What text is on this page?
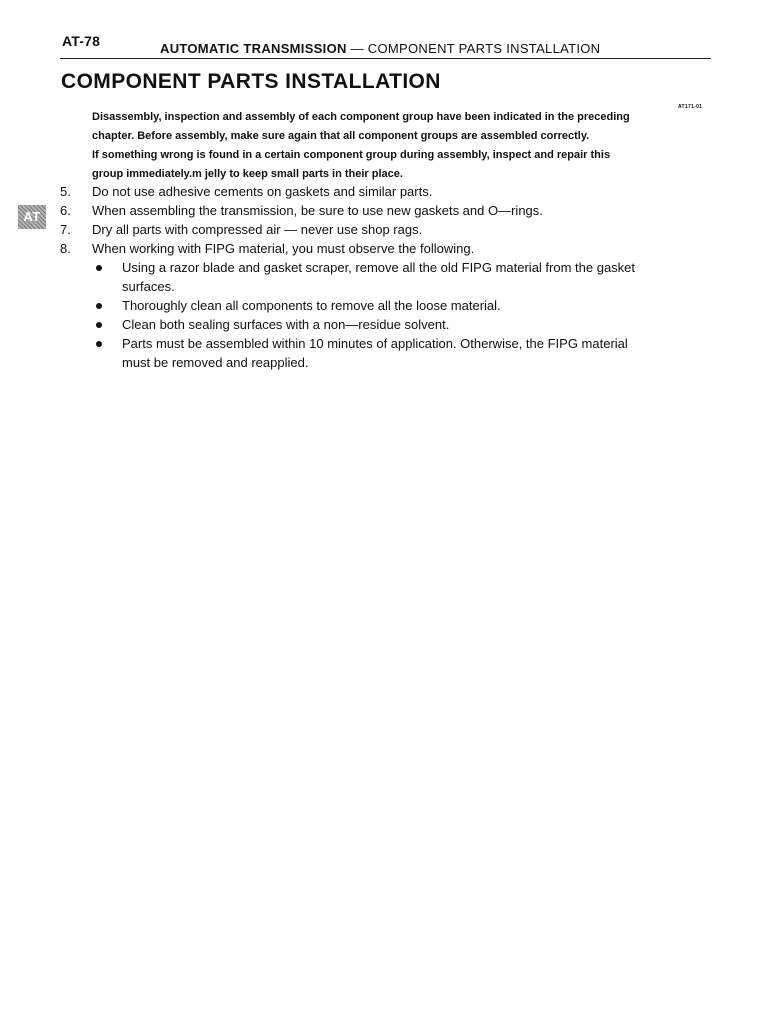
AT-78	AUTOMATIC TRANSMISSION — COMPONENT PARTS INSTALLATION
COMPONENT PARTS INSTALLATION
AT171-01

Disassembly, inspection and assembly of each component group have been indicated in the preceding
chapter. Before assembly, make sure again that all component groups are assembled correctly.

If something wrong is found in a certain component group during assembly, inspect and repair this
group immediately.m jelly to keep small parts in their place.

AT
5. Do not use adhesive cements on gaskets and similar parts.
6. When assembling the transmission, be sure to use new gaskets and O—rings.
7. Dry all parts with compressed air — never use shop rags.
8. When working with FIPG material, you must observe the following.
Using a razor blade and gasket scraper, remove all the old FIPG material from the gasket
surfaces.
Thoroughly clean all components to remove all the loose material.
Clean both sealing surfaces with a non—residue solvent.
Parts must be assembled within 10 minutes of application. Otherwise, the FIPG material
must be removed and reapplied.
